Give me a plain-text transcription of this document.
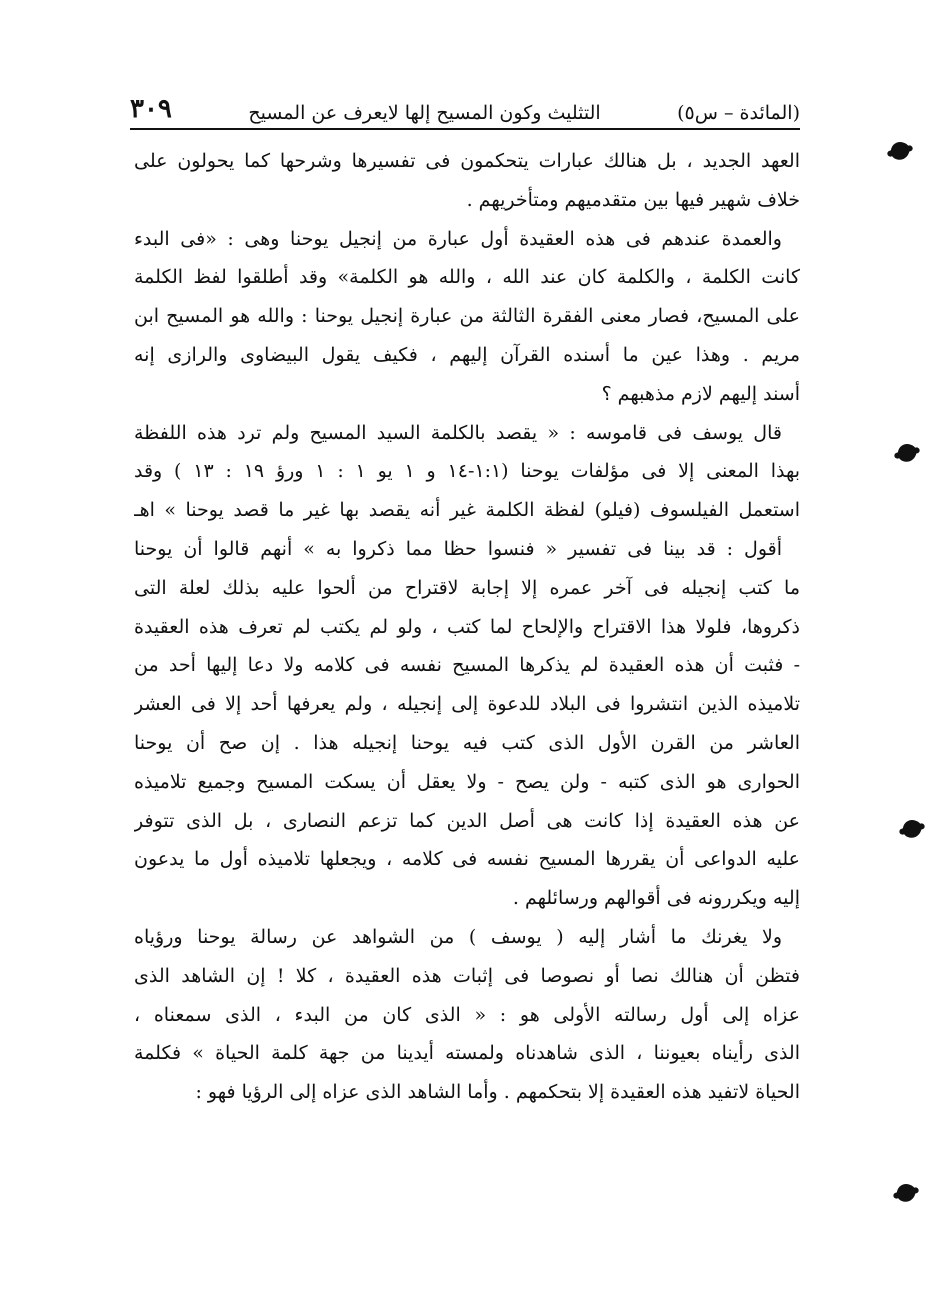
(المائدة – س٥)
التثليث وكون المسيح إلها لايعرف عن المسيح
٣٠٩
العهد الجديد ، بل هنالك عبارات يتحكمون فى تفسيرها وشرحها كما يحولون على
خلاف شهير فيها بين متقدميهم ومتأخريهم .
والعمدة عندهم فى هذه العقيدة أول عبارة من إنجيل يوحنا وهى : «فى البدء
كانت الكلمة ، والكلمة كان عند الله ، والله هو الكلمة» وقد أطلقوا لفظ الكلمة
على المسيح، فصار معنى الفقرة الثالثة من عبارة إنجيل يوحنا : والله هو المسيح ابن
مريم . وهذا عين ما أسنده القرآن إليهم ، فكيف يقول البيضاوى والرازى إنه
أسند إليهم لازم مذهبهم ؟
قال يوسف فى قاموسه : « يقصد بالكلمة السيد المسيح ولم ترد هذه اللفظة
بهذا المعنى إلا فى مؤلفات يوحنا (١:١-١٤ و ١ يو ١ : ١ ورؤ ١٩ : ١٣ ) وقد
استعمل الفيلسوف (فيلو) لفظة الكلمة غير أنه يقصد بها غير ما قصد يوحنا » اهـ
أقول : قد بينا فى تفسير « فنسوا حظا مما ذكروا به » أنهم قالوا أن يوحنا
ما كتب إنجيله فى آخر عمره إلا إجابة لاقتراح من ألحوا عليه بذلك لعلة التى
ذكروها، فلولا هذا الاقتراح والإلحاح لما كتب ، ولو لم يكتب لم تعرف هذه العقيدة
- فثبت أن هذه العقيدة لم يذكرها المسيح نفسه فى كلامه ولا دعا إليها أحد من
تلاميذه الذين انتشروا فى البلاد للدعوة إلى إنجيله ، ولم يعرفها أحد إلا فى العشر
العاشر من القرن الأول الذى كتب فيه يوحنا إنجيله هذا . إن صح أن يوحنا
الحوارى هو الذى كتبه - ولن يصح - ولا يعقل أن يسكت المسيح وجميع تلاميذه
عن هذه العقيدة إذا كانت هى أصل الدين كما تزعم النصارى ، بل الذى تتوفر
عليه الدواعى أن يقررها المسيح نفسه فى كلامه ، ويجعلها تلاميذه أول ما يدعون
إليه ويكررونه فى أقوالهم ورسائلهم .
ولا يغرنك ما أشار إليه ( يوسف ) من الشواهد عن رسالة يوحنا ورؤياه
فتظن أن هنالك نصا أو نصوصا فى إثبات هذه العقيدة ، كلا ! إن الشاهد الذى
عزاه إلى أول رسالته الأولى هو : « الذى كان من البدء ، الذى سمعناه ،
الذى رأيناه بعيوننا ، الذى شاهدناه ولمسته أيدينا من جهة كلمة الحياة » فكلمة
الحياة لاتفيد هذه العقيدة إلا بتحكمهم . وأما الشاهد الذى عزاه إلى الرؤيا فهو :
